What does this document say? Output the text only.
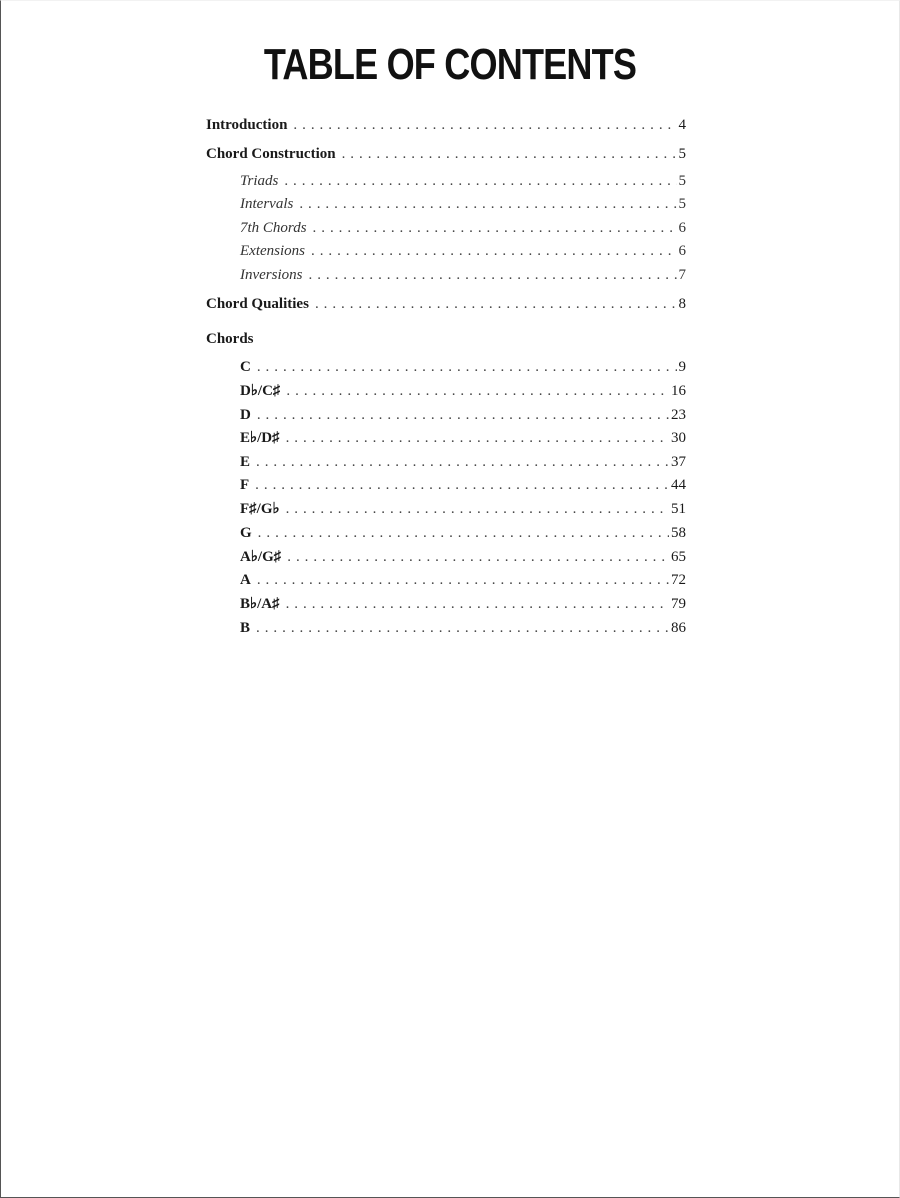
TABLE OF CONTENTS
Introduction . . .	4
Chord Construction . . .	5
Triads . . .	5
Intervals . . .	5
7th Chords . . .	6
Extensions . . .	6
Inversions . . .	7
Chord Qualities . . .	8
Chords
C . . .	9
D♭/C♯ . . .	16
D . . .	23
E♭/D♯ . . .	30
E . . .	37
F . . .	44
F♯/G♭ . . .	51
G . . .	58
A♭/G♯ . . .	65
A . . .	72
B♭/A♯ . . .	79
B . . .	86
